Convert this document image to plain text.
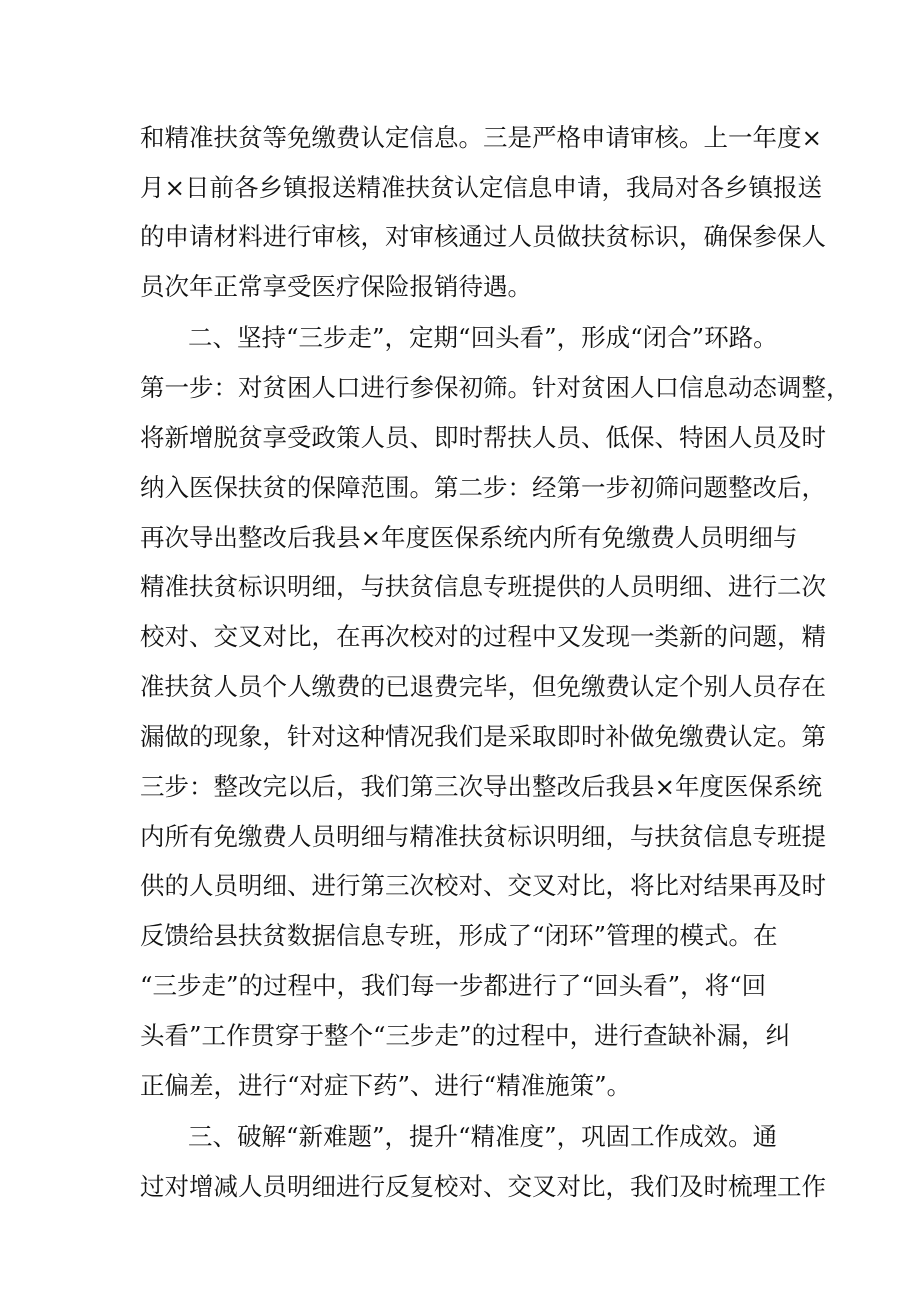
和精准扶贫等免缴费认定信息。三是严格申请审核。上一年度×
月×日前各乡镇报送精准扶贫认定信息申请，我局对各乡镇报送
的申请材料进行审核，对审核通过人员做扶贫标识，确保参保人
员次年正常享受医疗保险报销待遇。
二、坚持“三步走”，定期“回头看”，形成“闭合”环路。
第一步：对贫困人口进行参保初筛。针对贫困人口信息动态调整，
将新增脱贫享受政策人员、即时帮扶人员、低保、特困人员及时
纳入医保扶贫的保障范围。第二步：经第一步初筛问题整改后，
再次导出整改后我县×年度医保系统内所有免缴费人员明细与
精准扶贫标识明细，与扶贫信息专班提供的人员明细、进行二次
校对、交叉对比，在再次校对的过程中又发现一类新的问题，精
准扶贫人员个人缴费的已退费完毕，但免缴费认定个别人员存在
漏做的现象，针对这种情况我们是采取即时补做免缴费认定。第
三步：整改完以后，我们第三次导出整改后我县×年度医保系统
内所有免缴费人员明细与精准扶贫标识明细，与扶贫信息专班提
供的人员明细、进行第三次校对、交叉对比，将比对结果再及时
反馈给县扶贫数据信息专班，形成了“闭环”管理的模式。在
“三步走”的过程中，我们每一步都进行了“回头看”，将“回
头看”工作贯穿于整个“三步走”的过程中，进行查缺补漏，纠
正偏差，进行“对症下药”、进行“精准施策”。
三、破解“新难题”，提升“精准度”，巩固工作成效。通
过对增减人员明细进行反复校对、交叉对比，我们及时梳理工作
